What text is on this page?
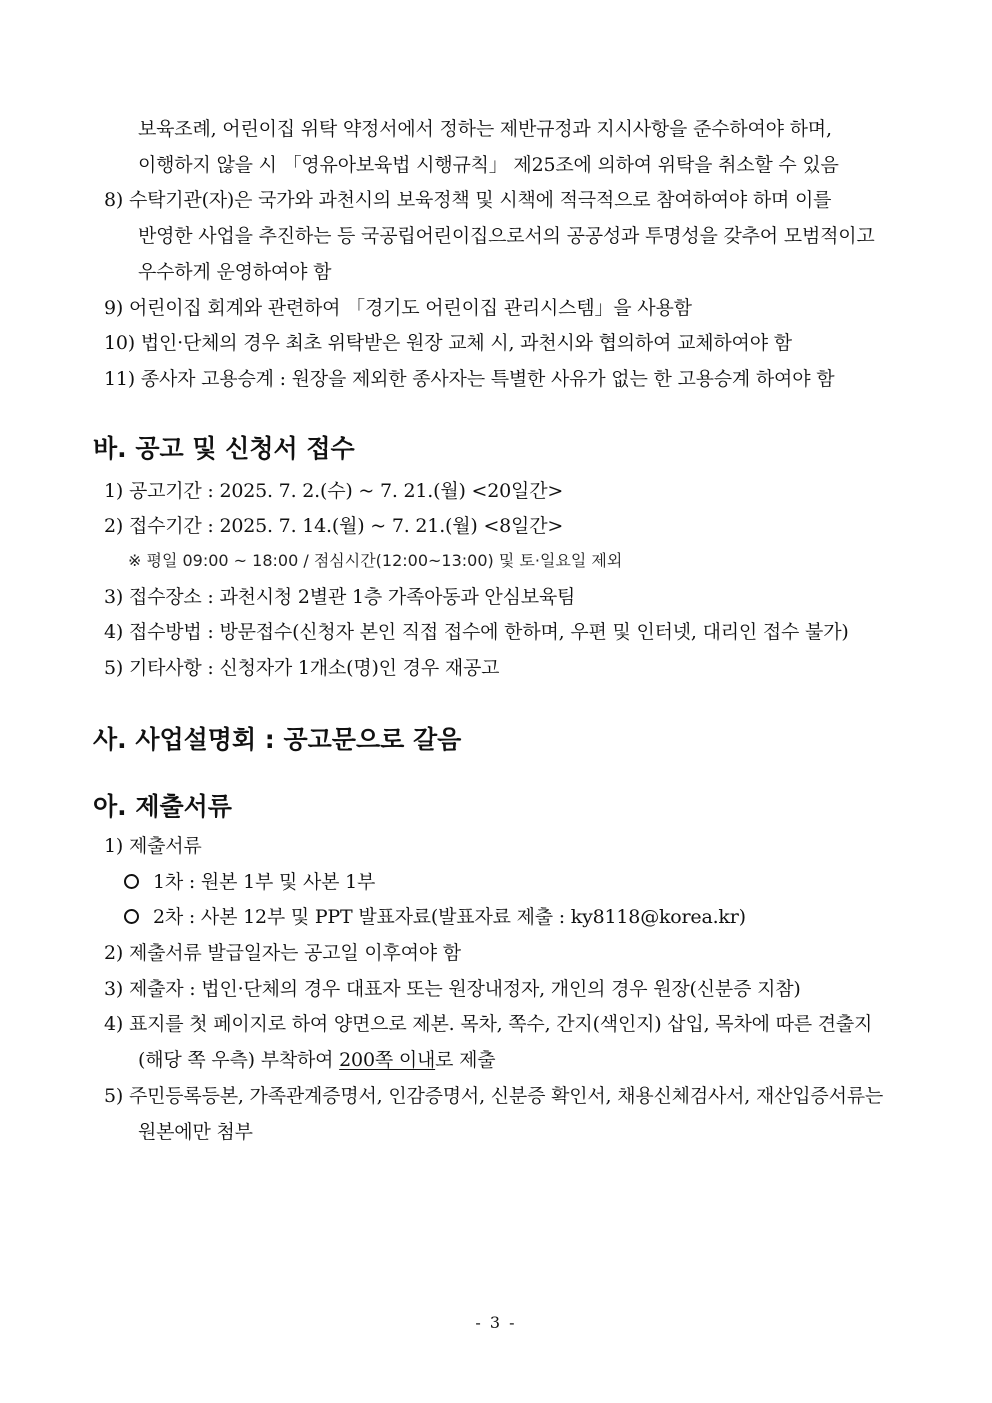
보육조례, 어린이집 위탁 약정서에서 정하는 제반규정과 지시사항을 준수하여야 하며,
이행하지 않을 시 「영유아보육법 시행규칙」 제25조에 의하여 위탁을 취소할 수 있음
8) 수탁기관(자)은 국가와 과천시의 보육정책 및 시책에 적극적으로 참여하여야 하며 이를
반영한 사업을 추진하는 등 국공립어린이집으로서의 공공성과 투명성을 갖추어 모범적이고
우수하게 운영하여야 함
9) 어린이집 회계와 관련하여 「경기도 어린이집 관리시스템」을 사용함
10) 법인·단체의 경우 최초 위탁받은 원장 교체 시, 과천시와 협의하여 교체하여야 함
11) 종사자 고용승계 : 원장을 제외한 종사자는 특별한 사유가 없는 한 고용승계 하여야 함
바. 공고 및 신청서 접수
1) 공고기간 : 2025. 7. 2.(수) ~ 7. 21.(월) <20일간>
2) 접수기간 : 2025. 7. 14.(월) ~ 7. 21.(월) <8일간>
※ 평일 09:00 ~ 18:00 / 점심시간(12:00~13:00) 및 토·일요일 제외
3) 접수장소 : 과천시청 2별관 1층 가족아동과 안심보육팀
4) 접수방법 : 방문접수(신청자 본인 직접 접수에 한하며, 우편 및 인터넷, 대리인 접수 불가)
5) 기타사항 : 신청자가 1개소(명)인 경우 재공고
사. 사업설명회 : 공고문으로 갈음
아. 제출서류
1) 제출서류
1차 : 원본 1부 및 사본 1부
2차 : 사본 12부 및 PPT 발표자료(발표자료 제출 : ky8118@korea.kr)
2) 제출서류 발급일자는 공고일 이후여야 함
3) 제출자 : 법인·단체의 경우 대표자 또는 원장내정자, 개인의 경우 원장(신분증 지참)
4) 표지를 첫 페이지로 하여 양면으로 제본. 목차, 쪽수, 간지(색인지) 삽입, 목차에 따른 견출지
(해당 쪽 우측) 부착하여 200쪽 이내로 제출
5) 주민등록등본, 가족관계증명서, 인감증명서, 신분증 확인서, 채용신체검사서, 재산입증서류는
원본에만 첨부
- 3 -
